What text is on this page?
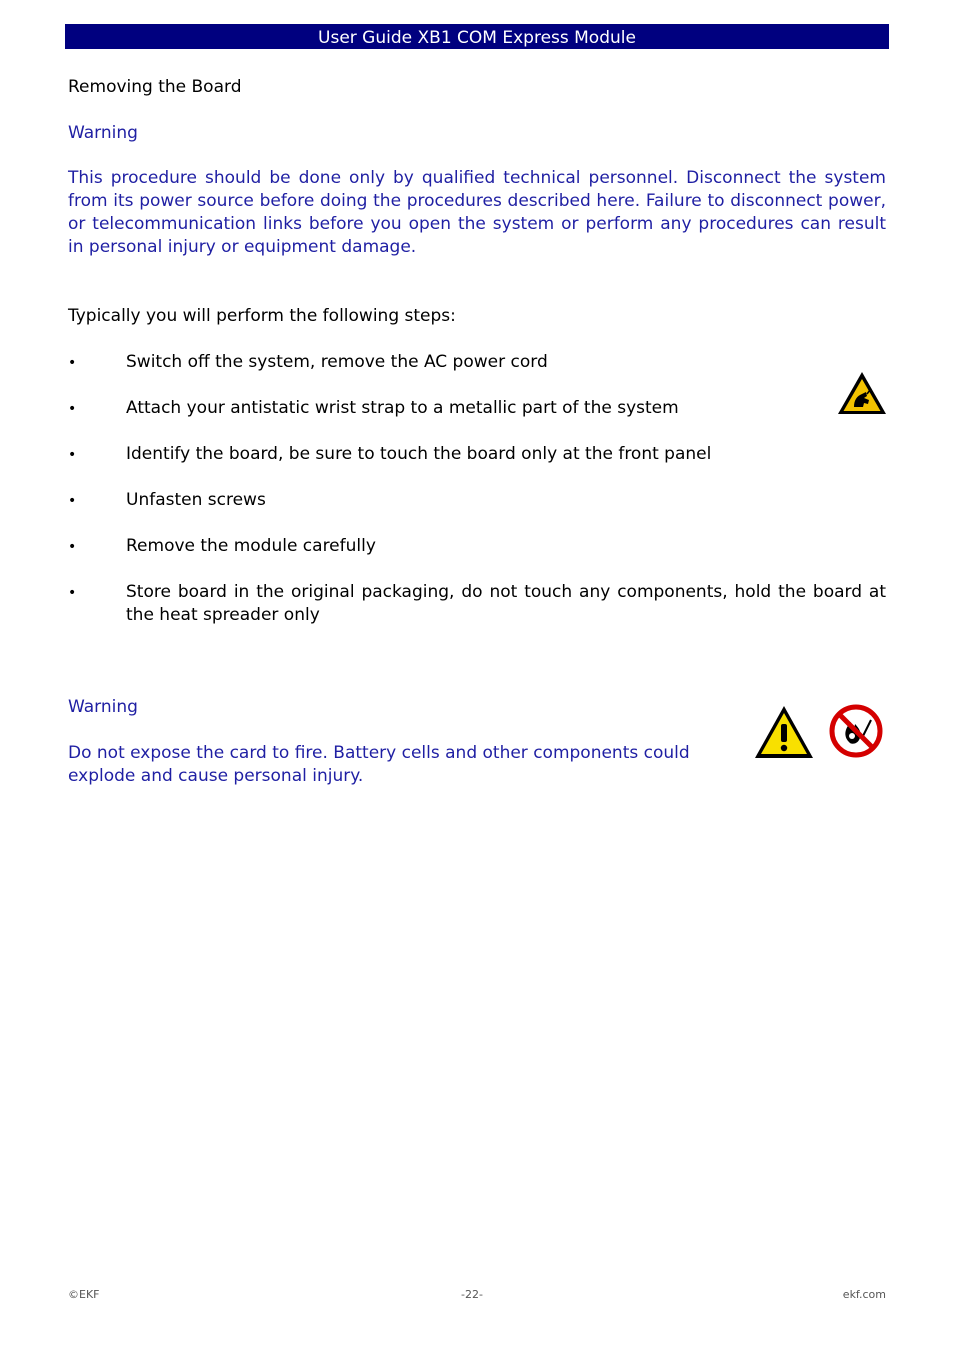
User Guide XB1 COM Express Module
Removing the Board
Warning
This procedure should be done only by qualified technical personnel. Disconnect the system from its power source before doing the procedures described here. Failure to disconnect power, or telecommunication links before you open the system or perform any procedures can result in personal injury or equipment damage.
Typically you will perform the following steps:
•	Switch off the system, remove the AC power cord
•	Attach your antistatic wrist strap to a metallic part of the system
•	Identify the board, be sure to touch the board only at the front panel
•	Unfasten screws
•	Remove the module carefully
•	Store board in the original packaging, do not touch any components, hold the board at the heat spreader only
Warning
Do not expose the card to fire. Battery cells and other components could explode and cause personal injury.
©EKF	-22-	ekf.com
